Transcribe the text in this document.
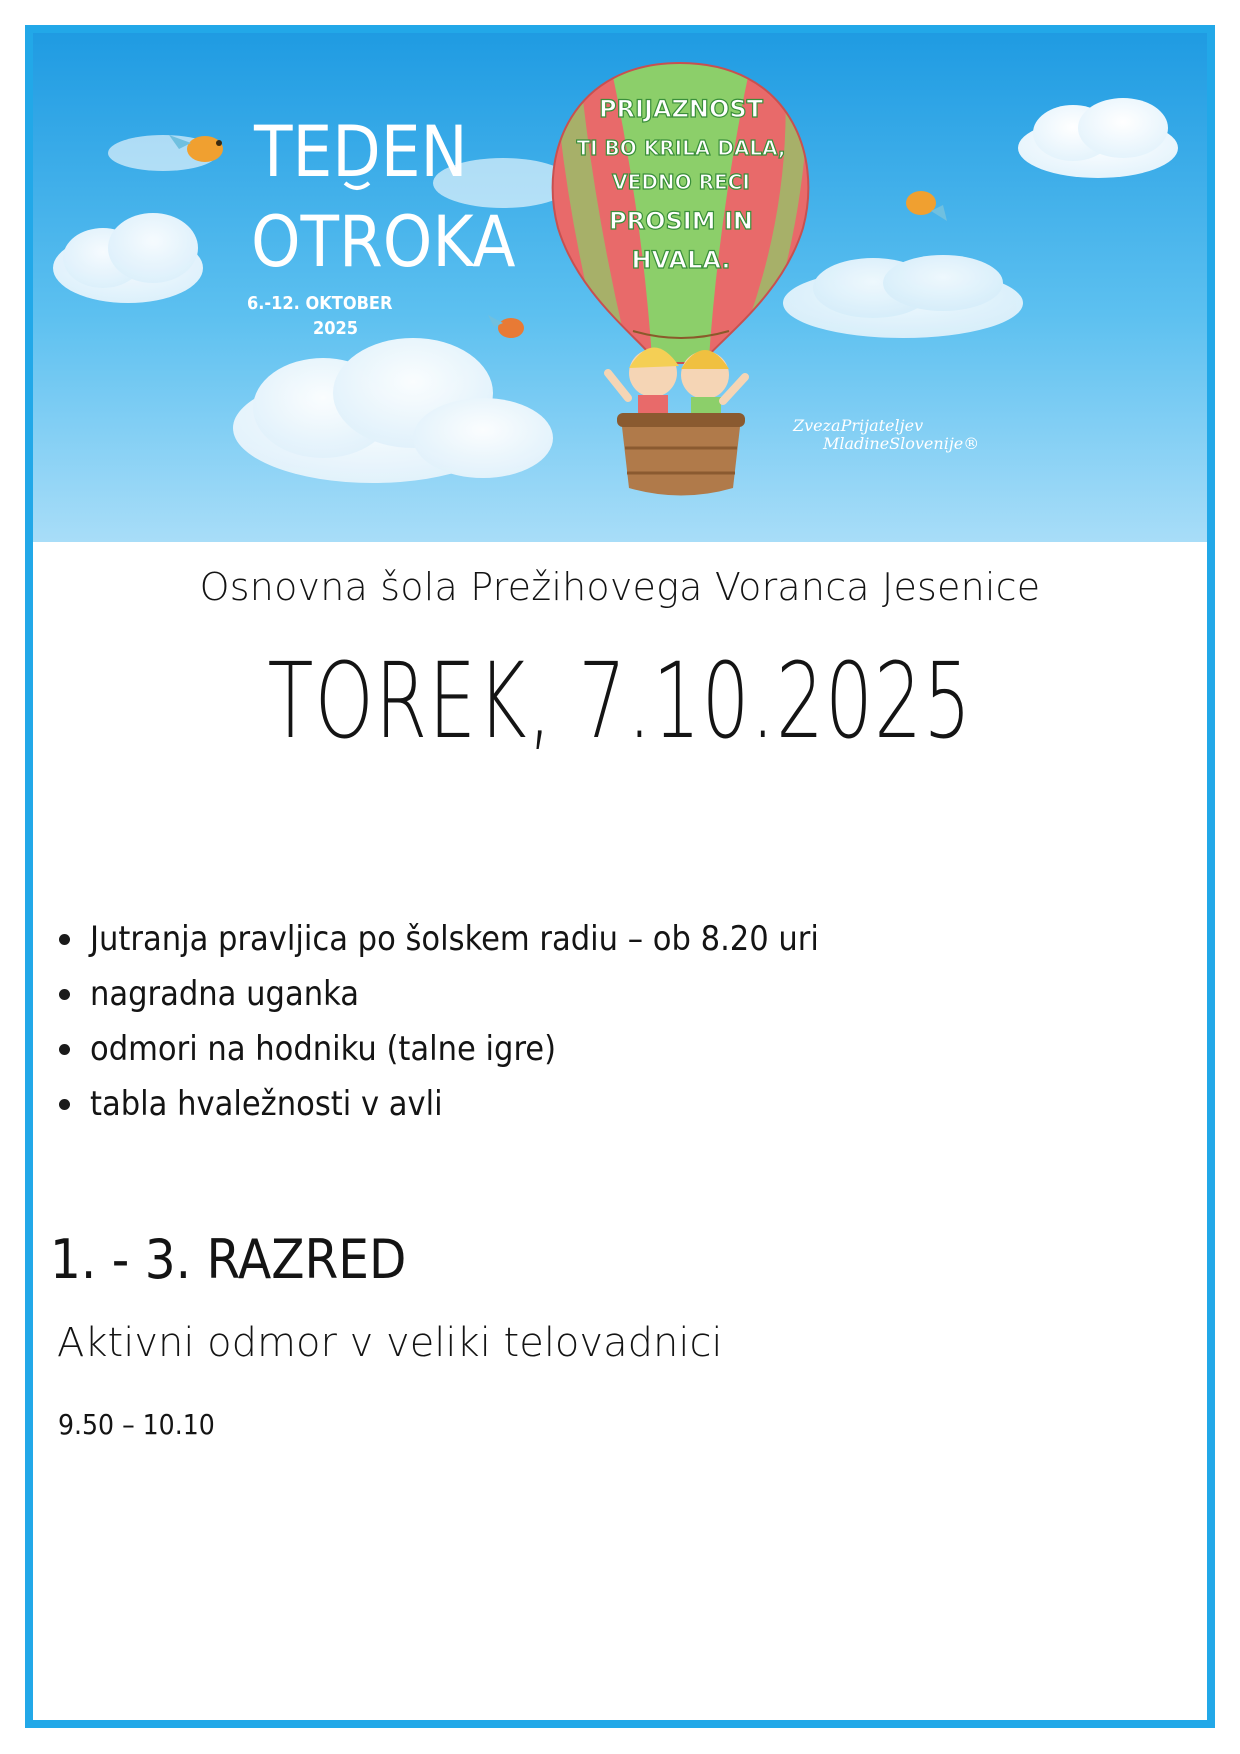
TEDEN
OTROKA
6.-12. OKTOBER
2025
PRIJAZNOST
TI BO KRILA DALA,
VEDNO RECI
PROSIM IN
HVALA.
ZvezaPrijateljev
MladineSlovenije®
Osnovna šola Prežihovega Voranca Jesenice
TOREK, 7.10.2025
Jutranja pravljica po šolskem radiu – ob 8.20 uri
nagradna uganka
odmori na hodniku (talne igre)
tabla hvaležnosti v avli
1. - 3. RAZRED
Aktivni odmor v veliki telovadnici
9.50 – 10.10
